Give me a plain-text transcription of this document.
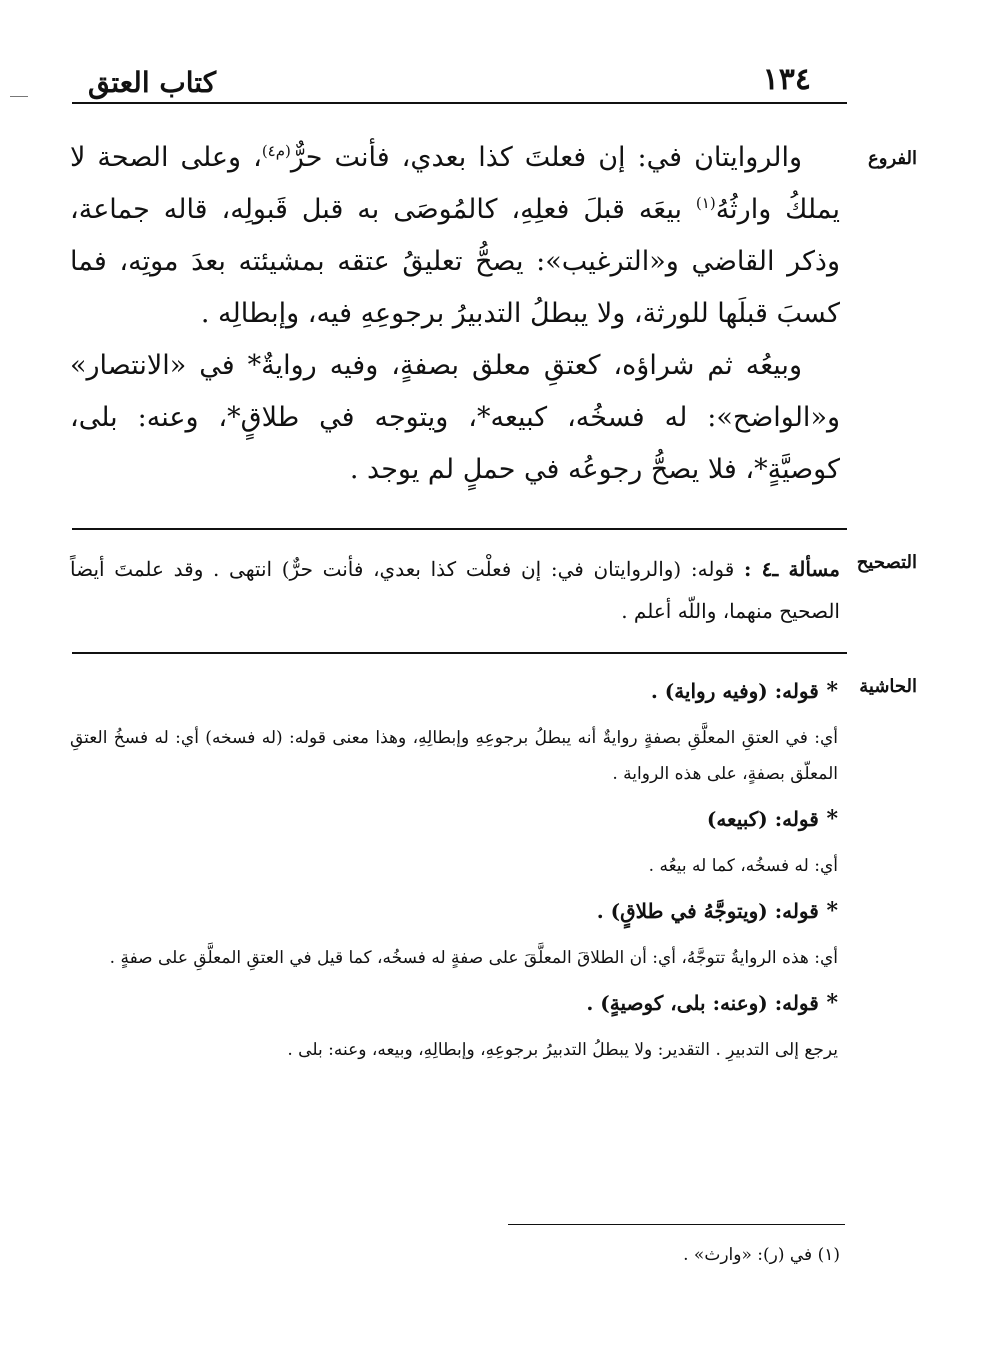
كتاب العتق	١٣٤
الفروع

والروايتان في: إن فعلتَ كذا بعدي، فأنت حرٌّ$^{(م٤)}$، وعلى الصحة لا يملكُ وارثُهُ$^{(١)}$ بيعَه قبلَ فعلِهِ، كالمُوصَى به قبل قَبولِه، قاله جماعة، وذكر القاضي و«الترغيب»: يصحُّ تعليقُ عتقه بمشيئته بعدَ موتِه، فما كسبَ قبلَها للورثة، ولا يبطلُ التدبيرُ برجوعِهِ فيه، وإبطالِه .

وبيعُه ثم شراؤه، كعتقِ معلق بصفةٍ، وفيه روايةٌ* في «الانتصار» و«الواضح»: له فسخُه، كبيعه*، ويتوجه في طلاقٍ*، وعنه: بلى، كوصيَّةٍ*، فلا يصحُّ رجوعُه في حملٍ لم يوجد .

التصحيح
مسألة ـ٤ : قوله: (والروايتان في: إن فعلْت كذا بعدي، فأنت حرٌّ) انتهى . وقد علمتَ أيضاً الصحيح منهما، واللّه أعلم .
الحاشية
* قوله: (وفيه رواية) .
أي: في العتقِ المعلَّقِ بصفةٍ روايةٌ أنه يبطلُ برجوعِهِ وإبطالِهِ، وهذا معنى قوله: (له فسخه) أي: له فسخُ العتقِ المعلّق بصفةٍ، على هذه الرواية .
* قوله: (كبيعه)
أي: له فسخُه، كما له بيعُه .
* قوله: (ويتوجَّهُ في طلاقٍ) .
أي: هذه الروايةُ تتوجَّهُ، أي: أن الطلاقَ المعلَّقَ على صفةٍ له فسخُه، كما قيل في العتقِ المعلَّقِ على صفةٍ .
* قوله: (وعنه: بلى، كوصيةٍ) .
يرجع إلى التدبيرِ . التقدير: ولا يبطلُ التدبيرُ برجوعِهِ، وإبطالِهِ، وبيعه، وعنه: بلى .
(١) في (ر): «وارث» .
